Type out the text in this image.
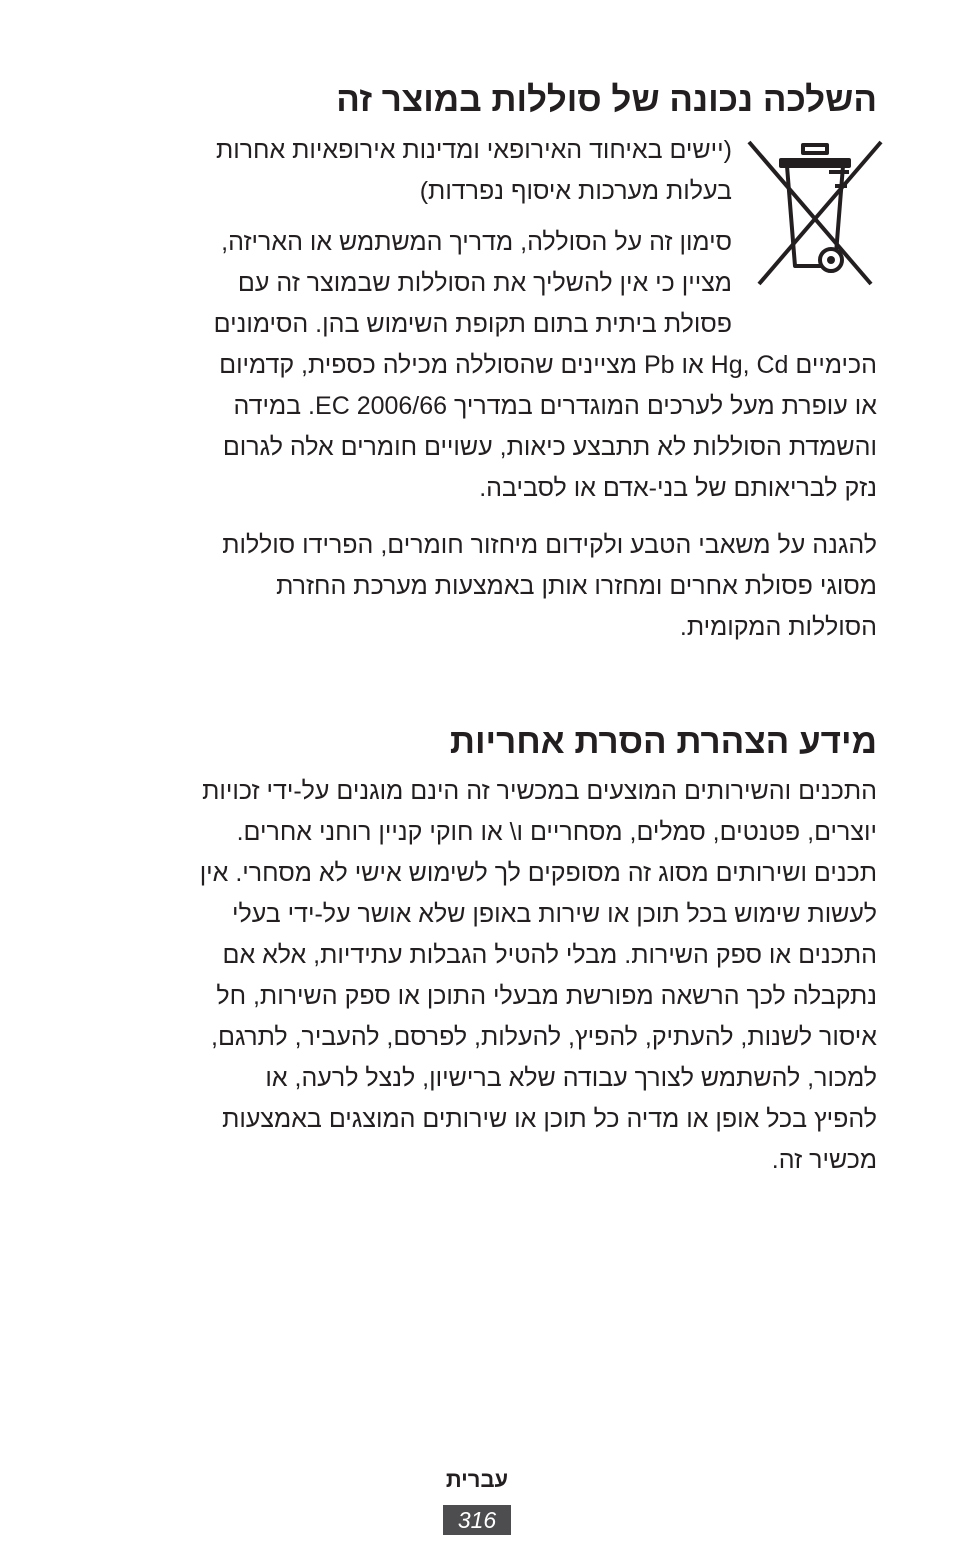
השלכה נכונה של סוללות במוצר זה

(יישים באיחוד האירופאי ומדינות אירופאיות אחרות
בעלות מערכות איסוף נפרדות)

סימון זה על הסוללה, מדריך המשתמש או האריזה,
מציין כי אין להשליך את הסוללות שבמוצר זה עם
פסולת ביתית בתום תקופת השימוש בהן. הסימונים

הכימיים Hg, Cd או Pb מציינים שהסוללה מכילה כספית, קדמיום
או עופרת מעל לערכים המוגדרים במדריך EC 2006/66. במידה
והשמדת הסוללות לא תתבצע כיאות, עשויים חומרים אלה לגרום
נזק לבריאותם של בני-אדם או לסביבה.

להגנה על משאבי הטבע ולקידום מיחזור חומרים, הפרידו סוללות
מסוגי פסולת אחרים ומחזרו אותן באמצעות מערכת החזרת
הסוללות המקומית.

מידע הצהרת הסרת אחריות

התכנים והשירותים המוצעים במכשיר זה הינם מוגנים על-ידי זכויות
יוצרים, פטנטים, סמלים, מסחריים ו\ או חוקי קניין רוחני אחרים.
תכנים ושירותים מסוג זה מסופקים לך לשימוש אישי לא מסחרי. אין
לעשות שימוש בכל תוכן או שירות באופן שלא אושר על-ידי בעלי
התכנים או ספק השירות. מבלי להטיל הגבלות עתידיות, אלא אם
נתקבלה לכך הרשאה מפורשת מבעלי התוכן או ספק השירות, חל
איסור לשנות, להעתיק, להפיץ, להעלות, לפרסם, להעביר, לתרגם,
למכור, להשתמש לצורך עבודה שלא ברישיון, לנצל לרעה, או
להפיץ בכל אופן או מדיה כל תוכן או שירותים המוצגים באמצעות
מכשיר זה.

עברית
316
